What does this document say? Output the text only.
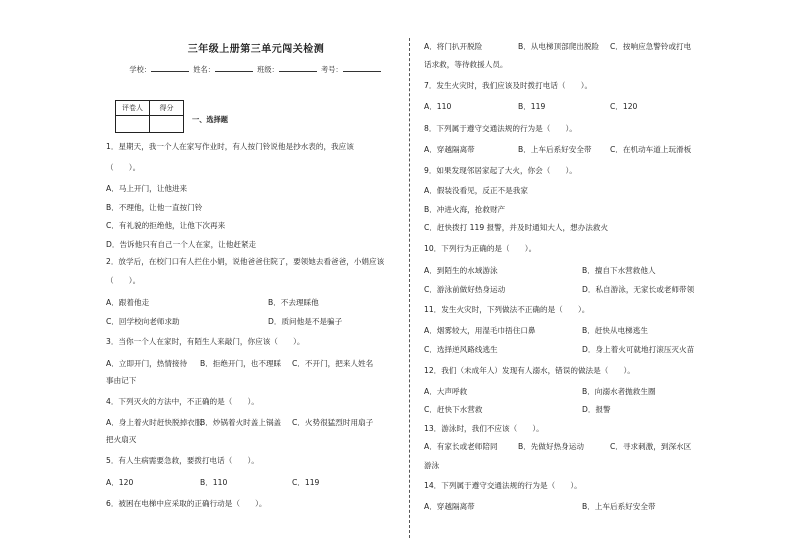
三年级上册第三单元闯关检测
学校：	姓名：	班级：	考号：
评卷人	得分

一、选择题
1．星期天，我一个人在家写作业时，有人按门铃说他是抄水表的，我应该
（　　）。
A．马上开门，让他进来
B．不理他，让他一直按门铃
C．有礼貌的拒绝他，让他下次再来
D．告诉他只有自己一个人在家，让他赶紧走
2．放学后，在校门口有人拦住小娟，说他爸爸住院了，要领她去看爸爸，小娟应该
（　　）。
A．跟着他走	B．不去理睬他
C．回学校向老师求助	D．质问他是不是骗子
3．当你一个人在家时，有陌生人来敲门，你应该（　　）。
A．立即开门，热情接待 B．拒绝开门，也不理睬 C．不开门，把来人姓名
事由记下
4．下列灭火的方法中，不正确的是（　　）。
A．身上着火时赶快脱掉衣服
B．炒锅着火时盖上锅盖 C．火势很猛烈时用扇子
把火扇灭
5．有人生病需要急救，要拨打电话（　　）。
A．120	B．110	C．119
6．被困在电梯中应采取的正确行动是（　　）。
A．将门扒开脱险	B．从电梯顶部爬出脱险 C．按响应急警铃或打电
话求救，等待救援人员。
7．发生火灾时，我们应该及时拨打电话（　　）。
A．110	B．119	C．120
8．下列属于遵守交通法规的行为是（　　）。
A．穿越隔离带	B．上车后系好安全带 C．在机动车道上玩滑板
9．如果发现邻居家起了大火，你会（　　）。
A．假装没看见，反正不是我家
B．冲进火海，抢救财产
C．赶快拨打 119 报警，并及时通知大人，想办法救火
10．下列行为正确的是（　　）。
A．到陌生的水域游泳	B．擅自下水营救他人
C．游泳前做好热身运动	D．私自游泳，无家长或老师带领
11．发生火灾时，下列做法不正确的是（　　）。
A．烟雾较大，用湿毛巾捂住口鼻	B．赶快从电梯逃生
C．选择逆风路线逃生	D．身上着火可就地打滚压灭火苗
12．我们（未成年人）发现有人溺水，错误的做法是（　　）。
A．大声呼救	B．向溺水者抛救生圈
C．赶快下水营救	D．报警
13．游泳时，我们不应该（　　）。
A．有家长或老师陪同	B．先做好热身运动	C．寻求刺激，到深水区
游泳
14．下列属于遵守交通法规的行为是（　　）。
A．穿越隔离带	B．上车后系好安全带
